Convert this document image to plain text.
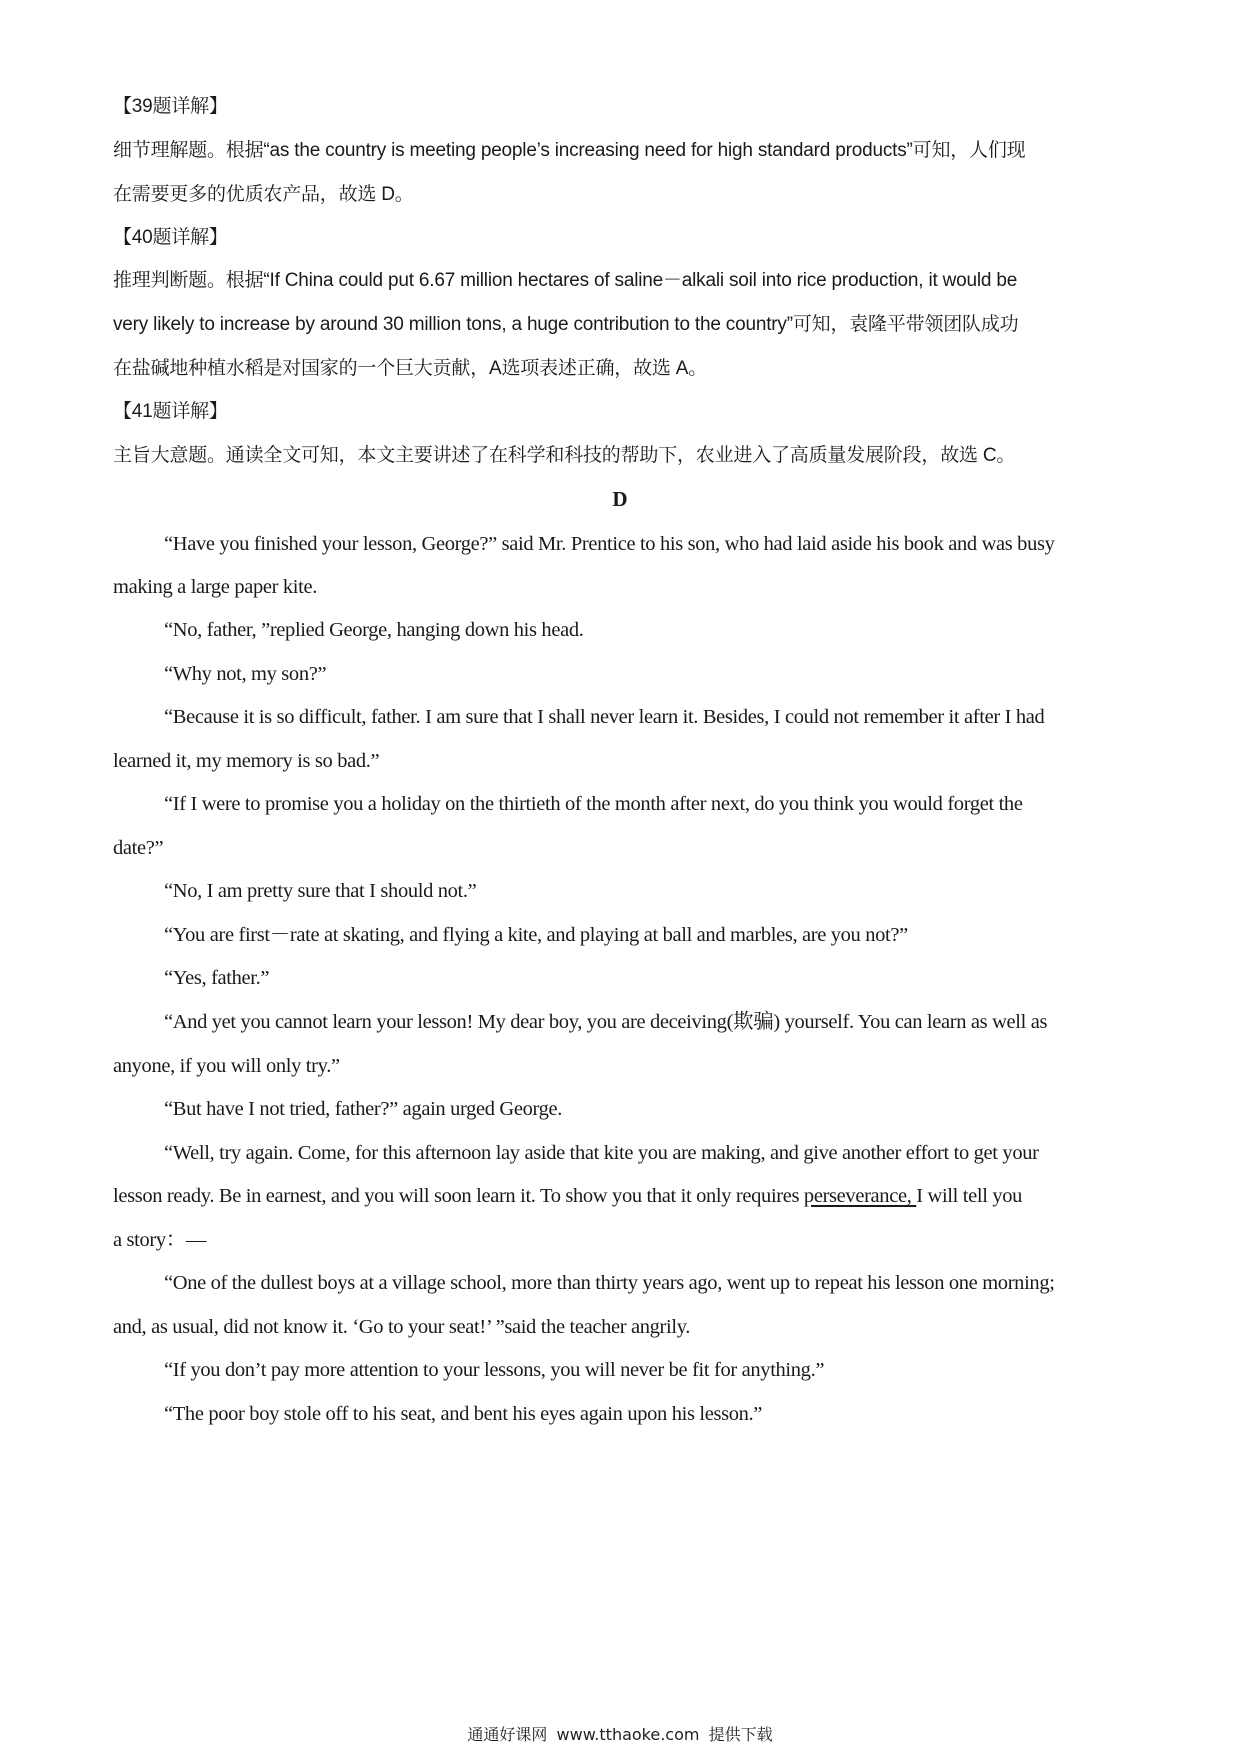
【39题详解】

细节理解题。根据“as the country is meeting people’s increasing need for high standard products”可知，人们现

在需要更多的优质农产品，故选 D。

【40题详解】

推理判断题。根据“If China could put 6.67 million hectares of saline－alkali soil into rice production, it would be

very likely to increase by around 30 million tons, a huge contribution to the country”可知，袁隆平带领团队成功

在盐碱地种植水稻是对国家的一个巨大贡献，A选项表述正确，故选 A。

【41题详解】

主旨大意题。通读全文可知，本文主要讲述了在科学和科技的帮助下，农业进入了高质量发展阶段，故选 C。

D

“Have you finished your lesson, George?” said Mr. Prentice to his son, who had laid aside his book and was busy

making a large paper kite.

“No, father, ”replied George, hanging down his head.

“Why not, my son?”

“Because it is so difficult, father. I am sure that I shall never learn it. Besides, I could not remember it after I had

learned it, my memory is so bad.”

“If I were to promise you a holiday on the thirtieth of the month after next, do you think you would forget the

date?”

“No, I am pretty sure that I should not.”

“You are first－rate at skating, and flying a kite, and playing at ball and marbles, are you not?”

“Yes, father.”

“And yet you cannot learn your lesson! My dear boy, you are deceiving(欺骗) yourself. You can learn as well as

anyone, if you will only try.”

“But have I not tried, father?” again urged George.

“Well, try again. Come, for this afternoon lay aside that kite you are making, and give another effort to get your

lesson ready. Be in earnest, and you will soon learn it. To show you that it only requires perseverance, I will tell you

a story：—

“One of the dullest boys at a village school, more than thirty years ago, went up to repeat his lesson one morning;

and, as usual, did not know it. ‘Go to your seat!’ ”said the teacher angrily.

“If you don’t pay more attention to your lessons, you will never be fit for anything.”

“The poor boy stole off to his seat, and bent his eyes again upon his lesson.”

通通好课网 www.tthaoke.com 提供下载
